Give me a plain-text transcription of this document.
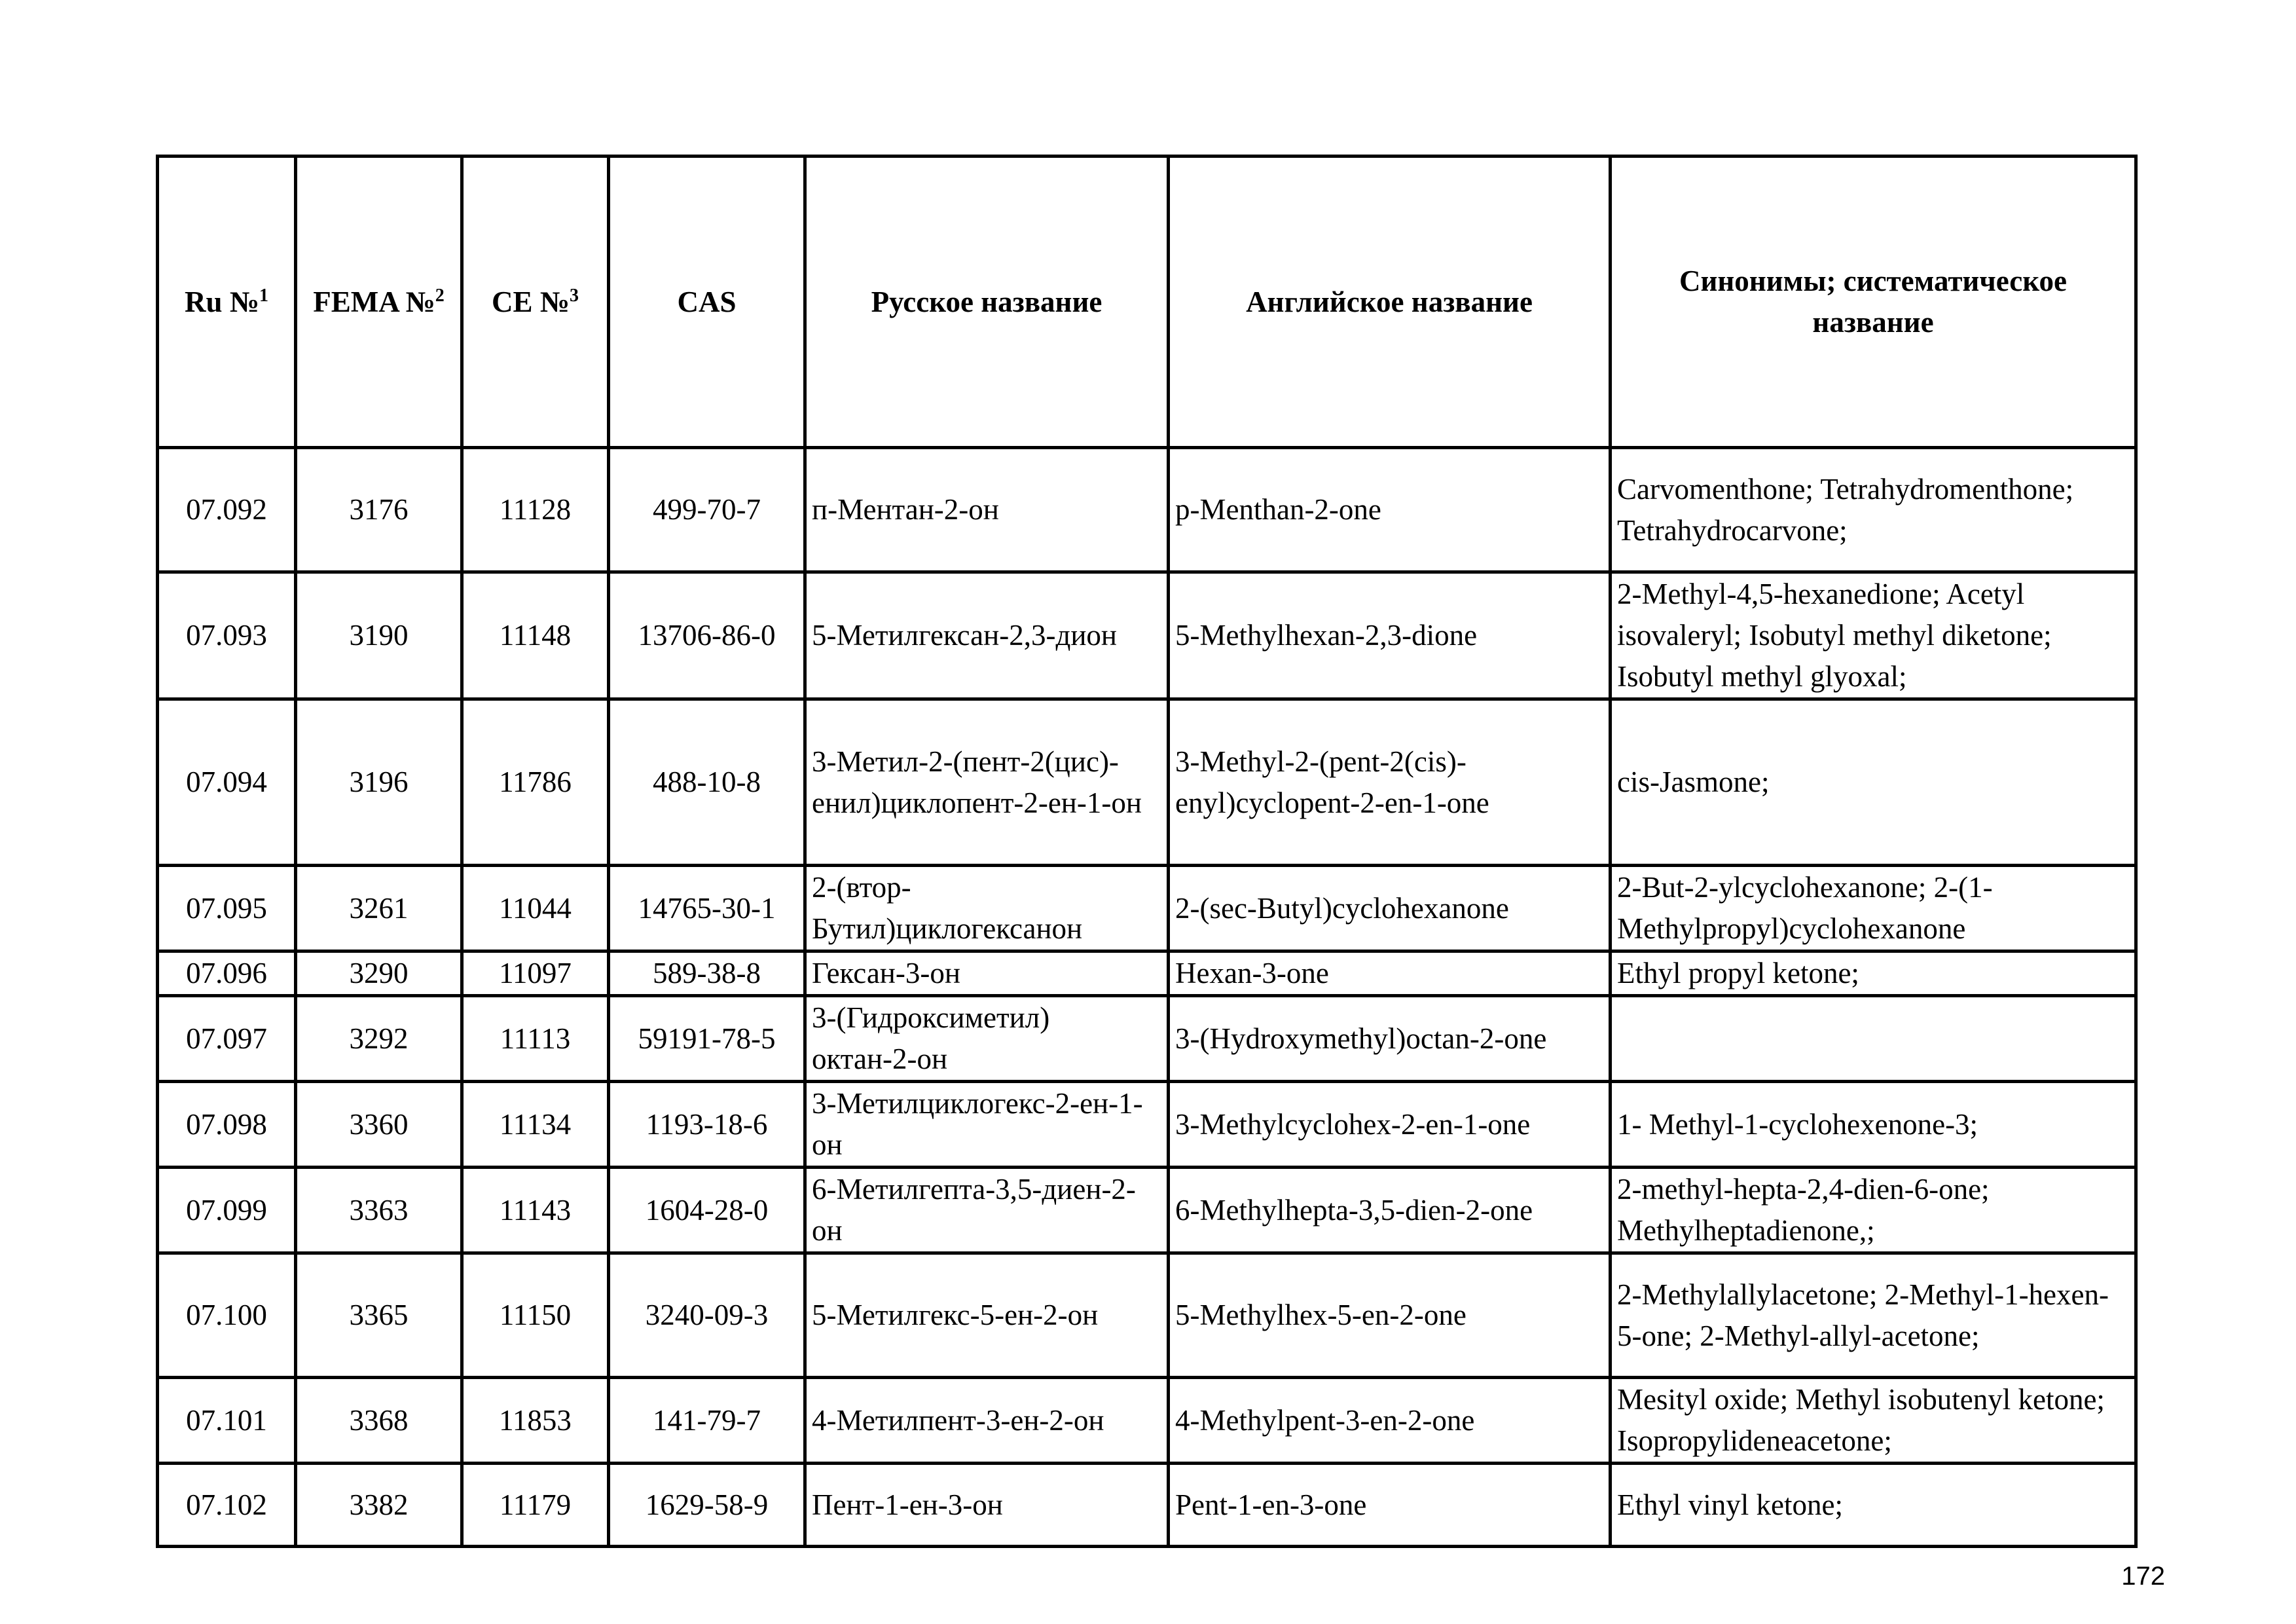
Ru №$^1$	FEMA №$^2$	CE №$^3$	CAS	Русское название	Английское название	Синонимы; систематическое название
07.092	3176	11128	499-70-7	п-Ментан-2-он	p-Menthan-2-one	Carvomenthone; Tetrahydromenthone; Tetrahydrocarvone;
07.093	3190	11148	13706-86-0	5-Метилгексан-2,3-дион	5-Methylhexan-2,3-dione	2-Methyl-4,5-hexanedione; Acetyl isovaleryl; Isobutyl methyl diketone; Isobutyl methyl glyoxal;
07.094	3196	11786	488-10-8	3-Метил-2-(пент-2(цис)-енил)циклопент-2-ен-1-он	3-Methyl-2-(pent-2(cis)-enyl)cyclopent-2-en-1-one	cis-Jasmone;
07.095	3261	11044	14765-30-1	2-(втор-Бутил)циклогексанон	2-(sec-Butyl)cyclohexanone	2-But-2-ylcyclohexanone; 2-(1-Methylpropyl)cyclohexanone
07.096	3290	11097	589-38-8	Гексан-3-он	Hexan-3-one	Ethyl propyl ketone;
07.097	3292	11113	59191-78-5	3-(Гидроксиметил) октан-2-он	3-(Hydroxymethyl)octan-2-one	
07.098	3360	11134	1193-18-6	3-Метилциклогекс-2-ен-1-он	3-Methylcyclohex-2-en-1-one	1- Methyl-1-cyclohexenone-3;
07.099	3363	11143	1604-28-0	6-Метилгепта-3,5-диен-2-он	6-Methylhepta-3,5-dien-2-one	2-methyl-hepta-2,4-dien-6-one; Methylheptadienone,;
07.100	3365	11150	3240-09-3	5-Метилгекс-5-ен-2-он	5-Methylhex-5-en-2-one	2-Methylallylacetone; 2-Methyl-1-hexen-5-one; 2-Methyl-allyl-acetone;
07.101	3368	11853	141-79-7	4-Метилпент-3-ен-2-он	4-Methylpent-3-en-2-one	Mesityl oxide; Methyl isobutenyl ketone; Isopropylideneacetone;
07.102	3382	11179	1629-58-9	Пент-1-ен-3-он	Pent-1-en-3-one	Ethyl vinyl ketone;
172
